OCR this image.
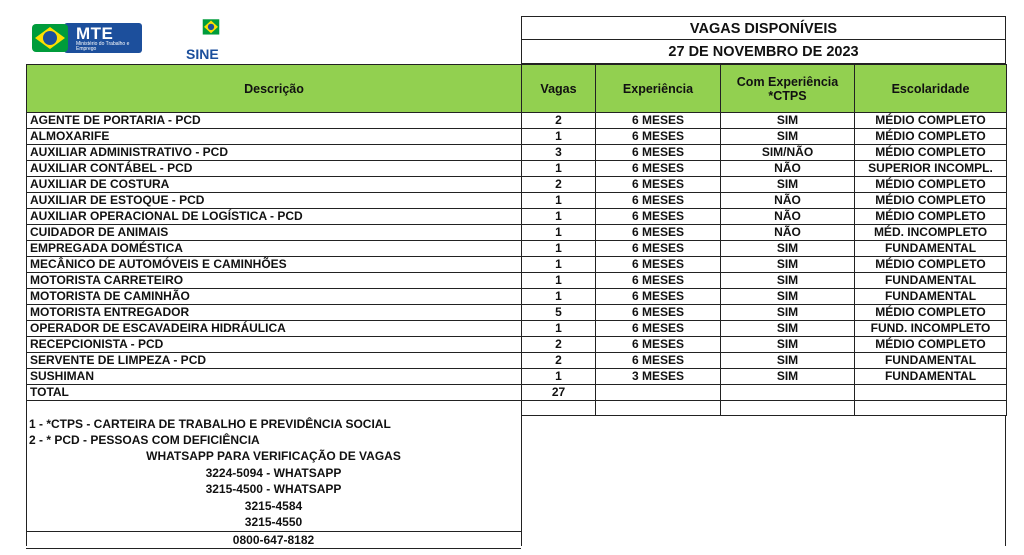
MTE
Ministério do Trabalho e Emprego	SINE
VAGAS DISPONÍVEIS
27 DE NOVEMBRO DE 2023
Descrição	Vagas	Experiência	Com Experiência *CTPS	Escolaridade
AGENTE DE PORTARIA - PCD	2	6 MESES	SIM	MÉDIO COMPLETO
ALMOXARIFE	1	6 MESES	SIM	MÉDIO COMPLETO
AUXILIAR ADMINISTRATIVO - PCD	3	6 MESES	SIM/NÃO	MÉDIO COMPLETO
AUXILIAR CONTÁBEL - PCD	1	6 MESES	NÃO	SUPERIOR INCOMPL.
AUXILIAR DE COSTURA	2	6 MESES	SIM	MÉDIO COMPLETO
AUXILIAR DE ESTOQUE - PCD	1	6 MESES	NÃO	MÉDIO COMPLETO
AUXILIAR OPERACIONAL DE LOGÍSTICA - PCD	1	6 MESES	NÃO	MÉDIO COMPLETO
CUIDADOR DE ANIMAIS	1	6 MESES	NÃO	MÉD. INCOMPLETO
EMPREGADA DOMÉSTICA	1	6 MESES	SIM	FUNDAMENTAL
MECÂNICO DE AUTOMÓVEIS E CAMINHÕES	1	6 MESES	SIM	MÉDIO COMPLETO
MOTORISTA CARRETEIRO	1	6 MESES	SIM	FUNDAMENTAL
MOTORISTA DE CAMINHÃO	1	6 MESES	SIM	FUNDAMENTAL
MOTORISTA ENTREGADOR	5	6 MESES	SIM	MÉDIO COMPLETO
OPERADOR DE ESCAVADEIRA HIDRÁULICA	1	6 MESES	SIM	FUND. INCOMPLETO
RECEPCIONISTA - PCD	2	6 MESES	SIM	MÉDIO COMPLETO
SERVENTE DE LIMPEZA - PCD	2	6 MESES	SIM	FUNDAMENTAL
SUSHIMAN	1	3 MESES	SIM	FUNDAMENTAL
TOTAL	27			

1 - *CTPS - CARTEIRA DE TRABALHO E PREVIDÊNCIA SOCIAL
2 - * PCD - PESSOAS COM DEFICIÊNCIA
WHATSAPP PARA VERIFICAÇÃO DE VAGAS
3224-5094 - WHATSAPP
3215-4500 - WHATSAPP
3215-4584
3215-4550
0800-647-8182
